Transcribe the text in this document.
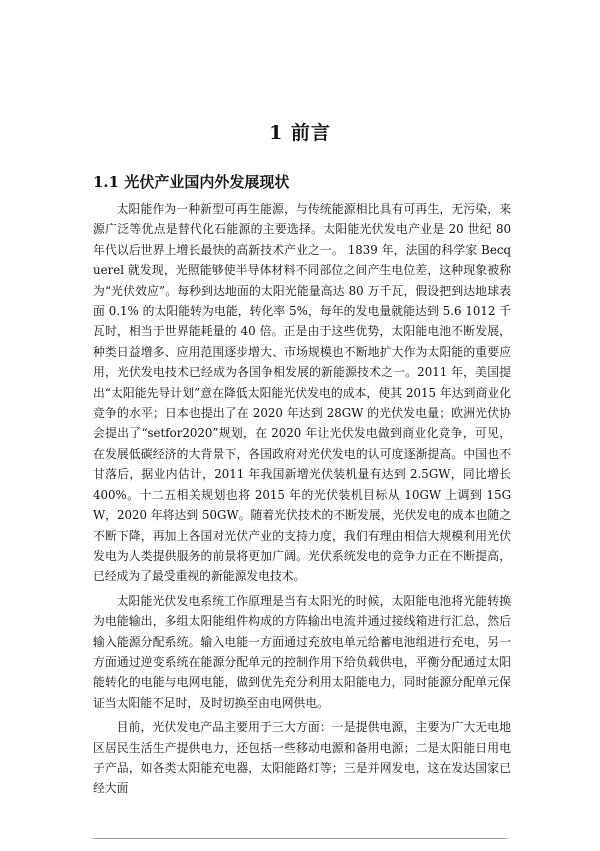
1 前言
1.1 光伏产业国内外发展现状

太阳能作为一种新型可再生能源，与传统能源相比具有可再生，无污染，来源广泛等优点是替代化石能源的主要选择。太阳能光伏发电产业是 20 世纪 80 年代以后世界上增长最快的高新技术产业之一。 1839 年，法国的科学家 Becquerel 就发现，光照能够使半导体材料不同部位之间产生电位差，这种现象被称为“光伏效应”。每秒到达地面的太阳光能量高达 80 万千瓦，假设把到达地球表面 0.1% 的太阳能转为电能，转化率 5%，每年的发电量就能达到 5.6 1012 千瓦时，相当于世界能耗量的 40 倍。正是由于这些优势，太阳能电池不断发展，种类日益增多、应用范围逐步增大、市场规模也不断地扩大作为太阳能的重要应用，光伏发电技术已经成为各国争相发展的新能源技术之一。2011 年，美国提出“太阳能先导计划”意在降低太阳能光伏发电的成本，使其 2015 年达到商业化竞争的水平；日本也提出了在 2020 年达到 28GW 的光伏发电量；欧洲光伏协会提出了“setfor2020”规划，在 2020 年让光伏发电做到商业化竞争，可见，在发展低碳经济的大背景下，各国政府对光伏发电的认可度逐渐提高。中国也不甘落后，据业内估计，2011 年我国新增光伏装机量有达到 2.5GW，同比增长 400%。十二五相关规划也将 2015 年的光伏装机目标从 10GW 上调到 15GW，2020 年将达到 50GW。随着光伏技术的不断发展，光伏发电的成本也随之不断下降，再加上各国对光伏产业的支持力度，我们有理由相信大规模利用光伏发电为人类提供服务的前景将更加广阔。光伏系统发电的竞争力正在不断提高，已经成为了最受重视的新能源发电技术。

太阳能光伏发电系统工作原理是当有太阳光的时候，太阳能电池将光能转换为电能输出，多组太阳能组件构成的方阵输出电流并通过接线箱进行汇总，然后输入能源分配系统。输入电能一方面通过充放电单元给蓄电池组进行充电，另一方面通过逆变系统在能源分配单元的控制作用下给负载供电，平衡分配通过太阳能转化的电能与电网电能，做到优先充分利用太阳能电力，同时能源分配单元保证当太阳能不足时，及时切换至由电网供电。

目前，光伏发电产品主要用于三大方面：一是提供电源，主要为广大无电地区居民生活生产提供电力，还包括一些移动电源和备用电源；二是太阳能日用电子产品，如各类太阳能充电器，太阳能路灯等；三是并网发电，这在发达国家已经大面
